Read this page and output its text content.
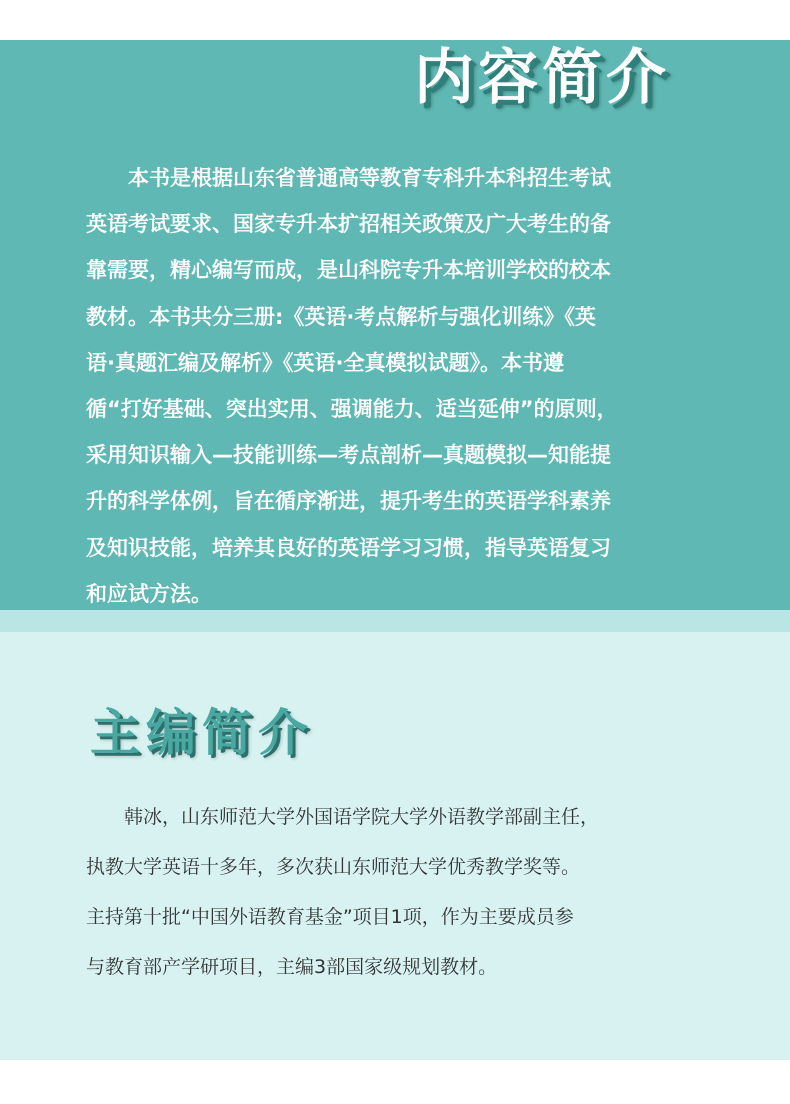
内容简介

本书是根据山东省普通高等教育专科升本科招生考试
英语考试要求、国家专升本扩招相关政策及广大考生的备
靠需要，精心编写而成，是山科院专升本培训学校的校本
教材。本书共分三册:《英语·考点解析与强化训练》《英
语·真题汇编及解析》《英语·全真模拟试题》。本书遵
循“打好基础、突出实用、强调能力、适当延伸”的原则，
采用知识输入—技能训练—考点剖析—真题模拟—知能提
升的科学体例，旨在循序渐进，提升考生的英语学科素养
及知识技能，培养其良好的英语学习习惯，指导英语复习
和应试方法。

主编简介

韩冰，山东师范大学外国语学院大学外语教学部副主任，
执教大学英语十多年，多次获山东师范大学优秀教学奖等。
主持第十批“中国外语教育基金”项目1项，作为主要成员参
与教育部产学研项目，主编3部国家级规划教材。
